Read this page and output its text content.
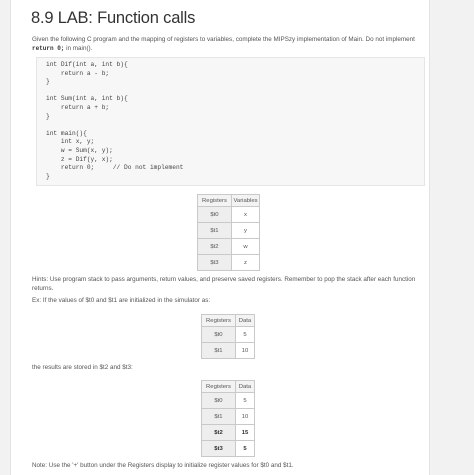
8.9 LAB: Function calls
Given the following C program and the mapping of registers to variables, complete the MIPSzy implementation of Main. Do not implement return 0; in main().
int Dif(int a, int b){
return a - b;
}

int Sum(int a, int b){
return a + b;
}

int main(){
int x, y;
w = Sum(x, y);
z = Dif(y, x);
return 0;     // Do not implement
}

Registers	Variables
$t0	x
$t1	y
$t2	w
$t3	z
Hints: Use program stack to pass arguments, return values, and preserve saved registers. Remember to pop the stack after each function returns.
Ex: If the values of $t0 and $t1 are initialized in the simulator as:
Registers	Data
$t0	5
$t1	10
the results are stored in $t2 and $t3:
Registers	Data
$t0	5
$t1	10
$t2	15
$t3	5
Note: Use the '+' button under the Registers display to initialize register values for $t0 and $t1.
